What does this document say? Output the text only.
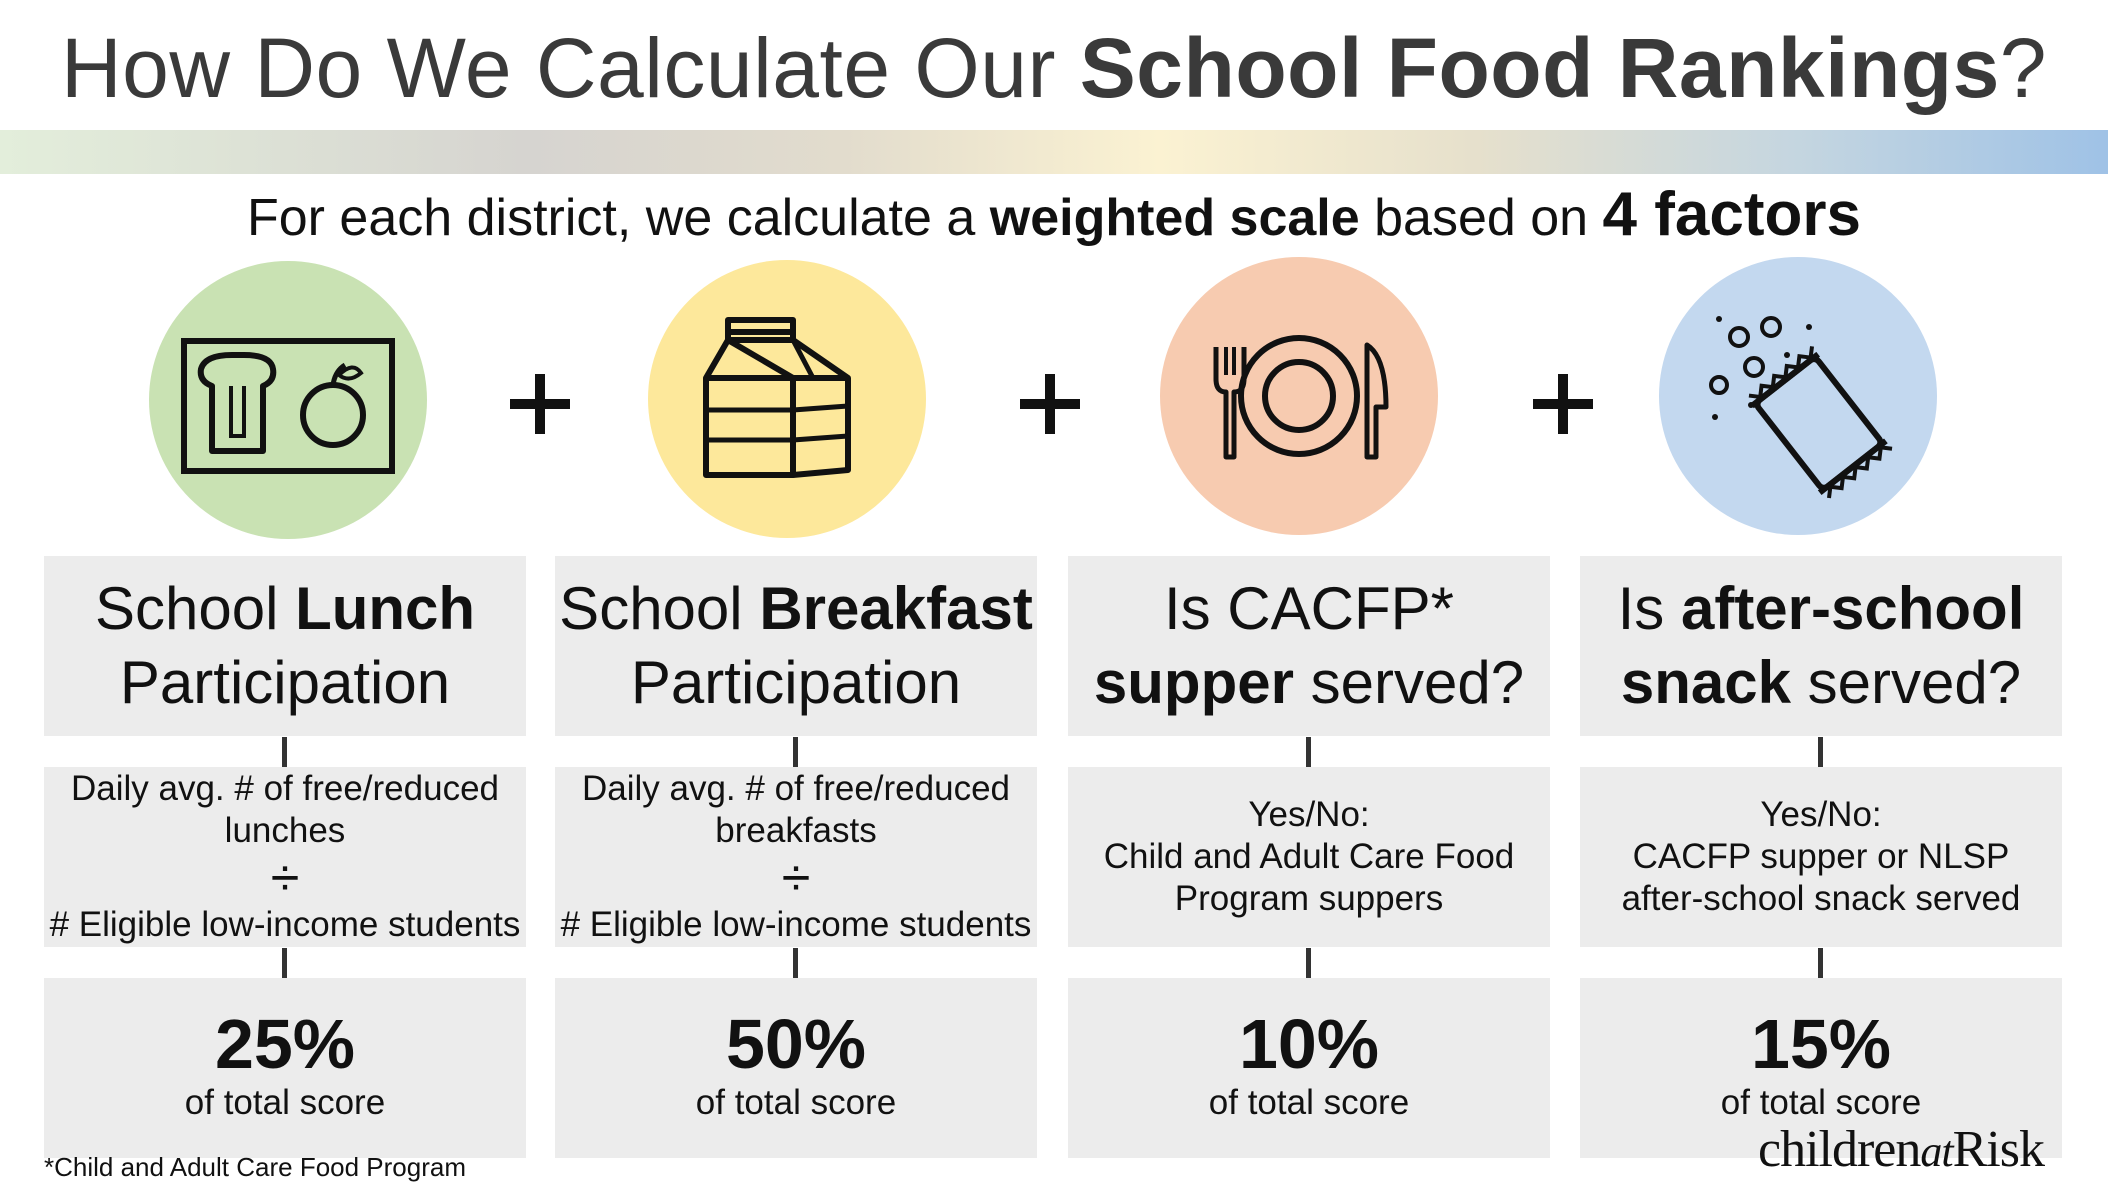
How Do We Calculate Our School Food Rankings?
For each district, we calculate a weighted scale based on 4 factors
School Lunch
Participation
Daily avg. # of free/reduced
lunches
÷
# Eligible low-income students
25%
of total score
School Breakfast
Participation
Daily avg. # of free/reduced
breakfasts
÷
# Eligible low-income students
50%
of total score
Is CACFP*
supper served?
Yes/No:
Child and Adult Care Food
Program suppers
10%
of total score
Is after-school
snack served?
Yes/No:
CACFP supper or NLSP
after-school snack served
15%
of total score
*Child and Adult Care Food Program	childrenatRisk
